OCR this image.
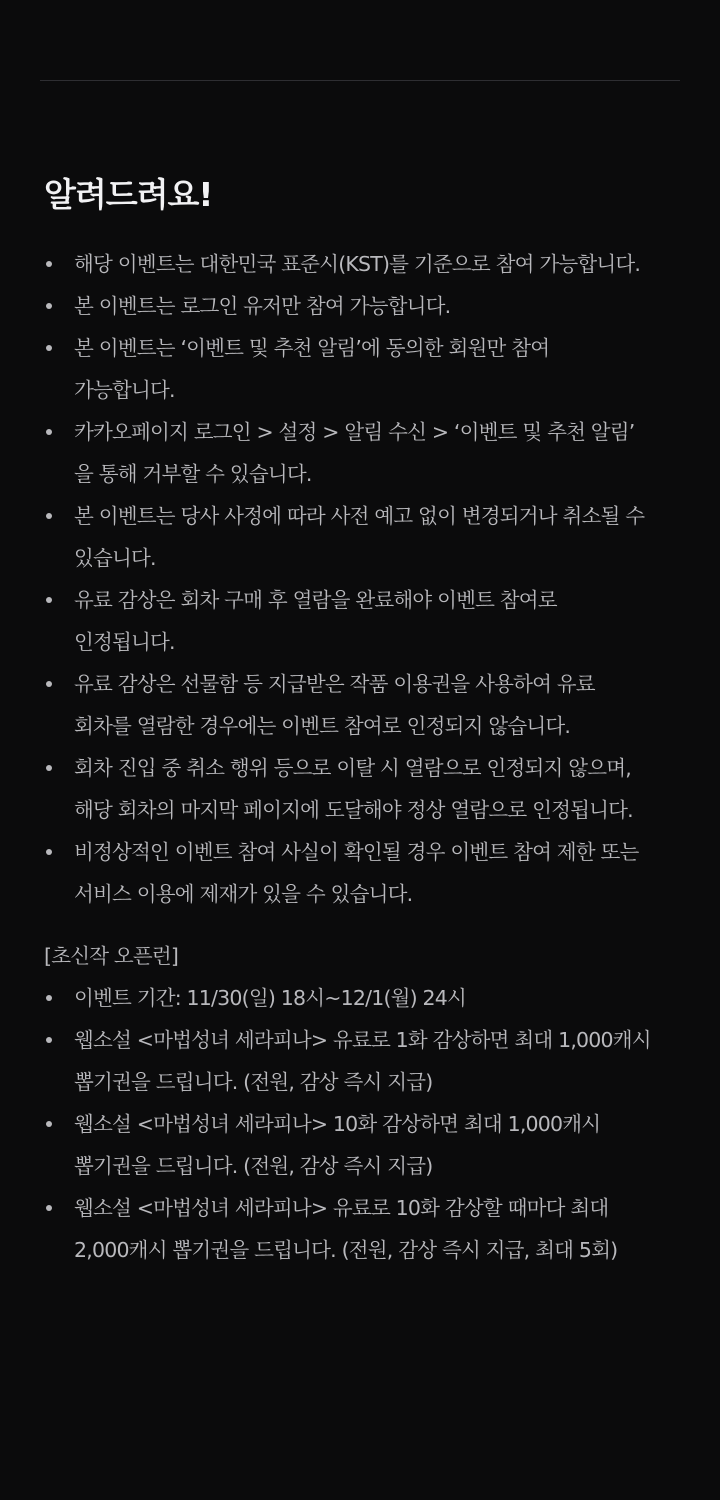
알려드려요!
해당 이벤트는 대한민국 표준시(KST)를 기준으로 참여 가능합니다.
본 이벤트는 로그인 유저만 참여 가능합니다.
본 이벤트는 ‘이벤트 및 추천 알림’에 동의한 회원만 참여
가능합니다.
카카오페이지 로그인 > 설정 > 알림 수신 > ‘이벤트 및 추천 알림’
을 통해 거부할 수 있습니다.
본 이벤트는 당사 사정에 따라 사전 예고 없이 변경되거나 취소될 수
있습니다.
유료 감상은 회차 구매 후 열람을 완료해야 이벤트 참여로
인정됩니다.
유료 감상은 선물함 등 지급받은 작품 이용권을 사용하여 유료
회차를 열람한 경우에는 이벤트 참여로 인정되지 않습니다.
회차 진입 중 취소 행위 등으로 이탈 시 열람으로 인정되지 않으며,
해당 회차의 마지막 페이지에 도달해야 정상 열람으로 인정됩니다.
비정상적인 이벤트 참여 사실이 확인될 경우 이벤트 참여 제한 또는
서비스 이용에 제재가 있을 수 있습니다.

[초신작 오픈런]

이벤트 기간: 11/30(일) 18시~12/1(월) 24시
웹소설 <마법성녀 세라피나> 유료로 1화 감상하면 최대 1,000캐시
뽑기권을 드립니다. (전원, 감상 즉시 지급)
웹소설 <마법성녀 세라피나> 10화 감상하면 최대 1,000캐시
뽑기권을 드립니다. (전원, 감상 즉시 지급)
웹소설 <마법성녀 세라피나> 유료로 10화 감상할 때마다 최대
2,000캐시 뽑기권을 드립니다. (전원, 감상 즉시 지급, 최대 5회)
